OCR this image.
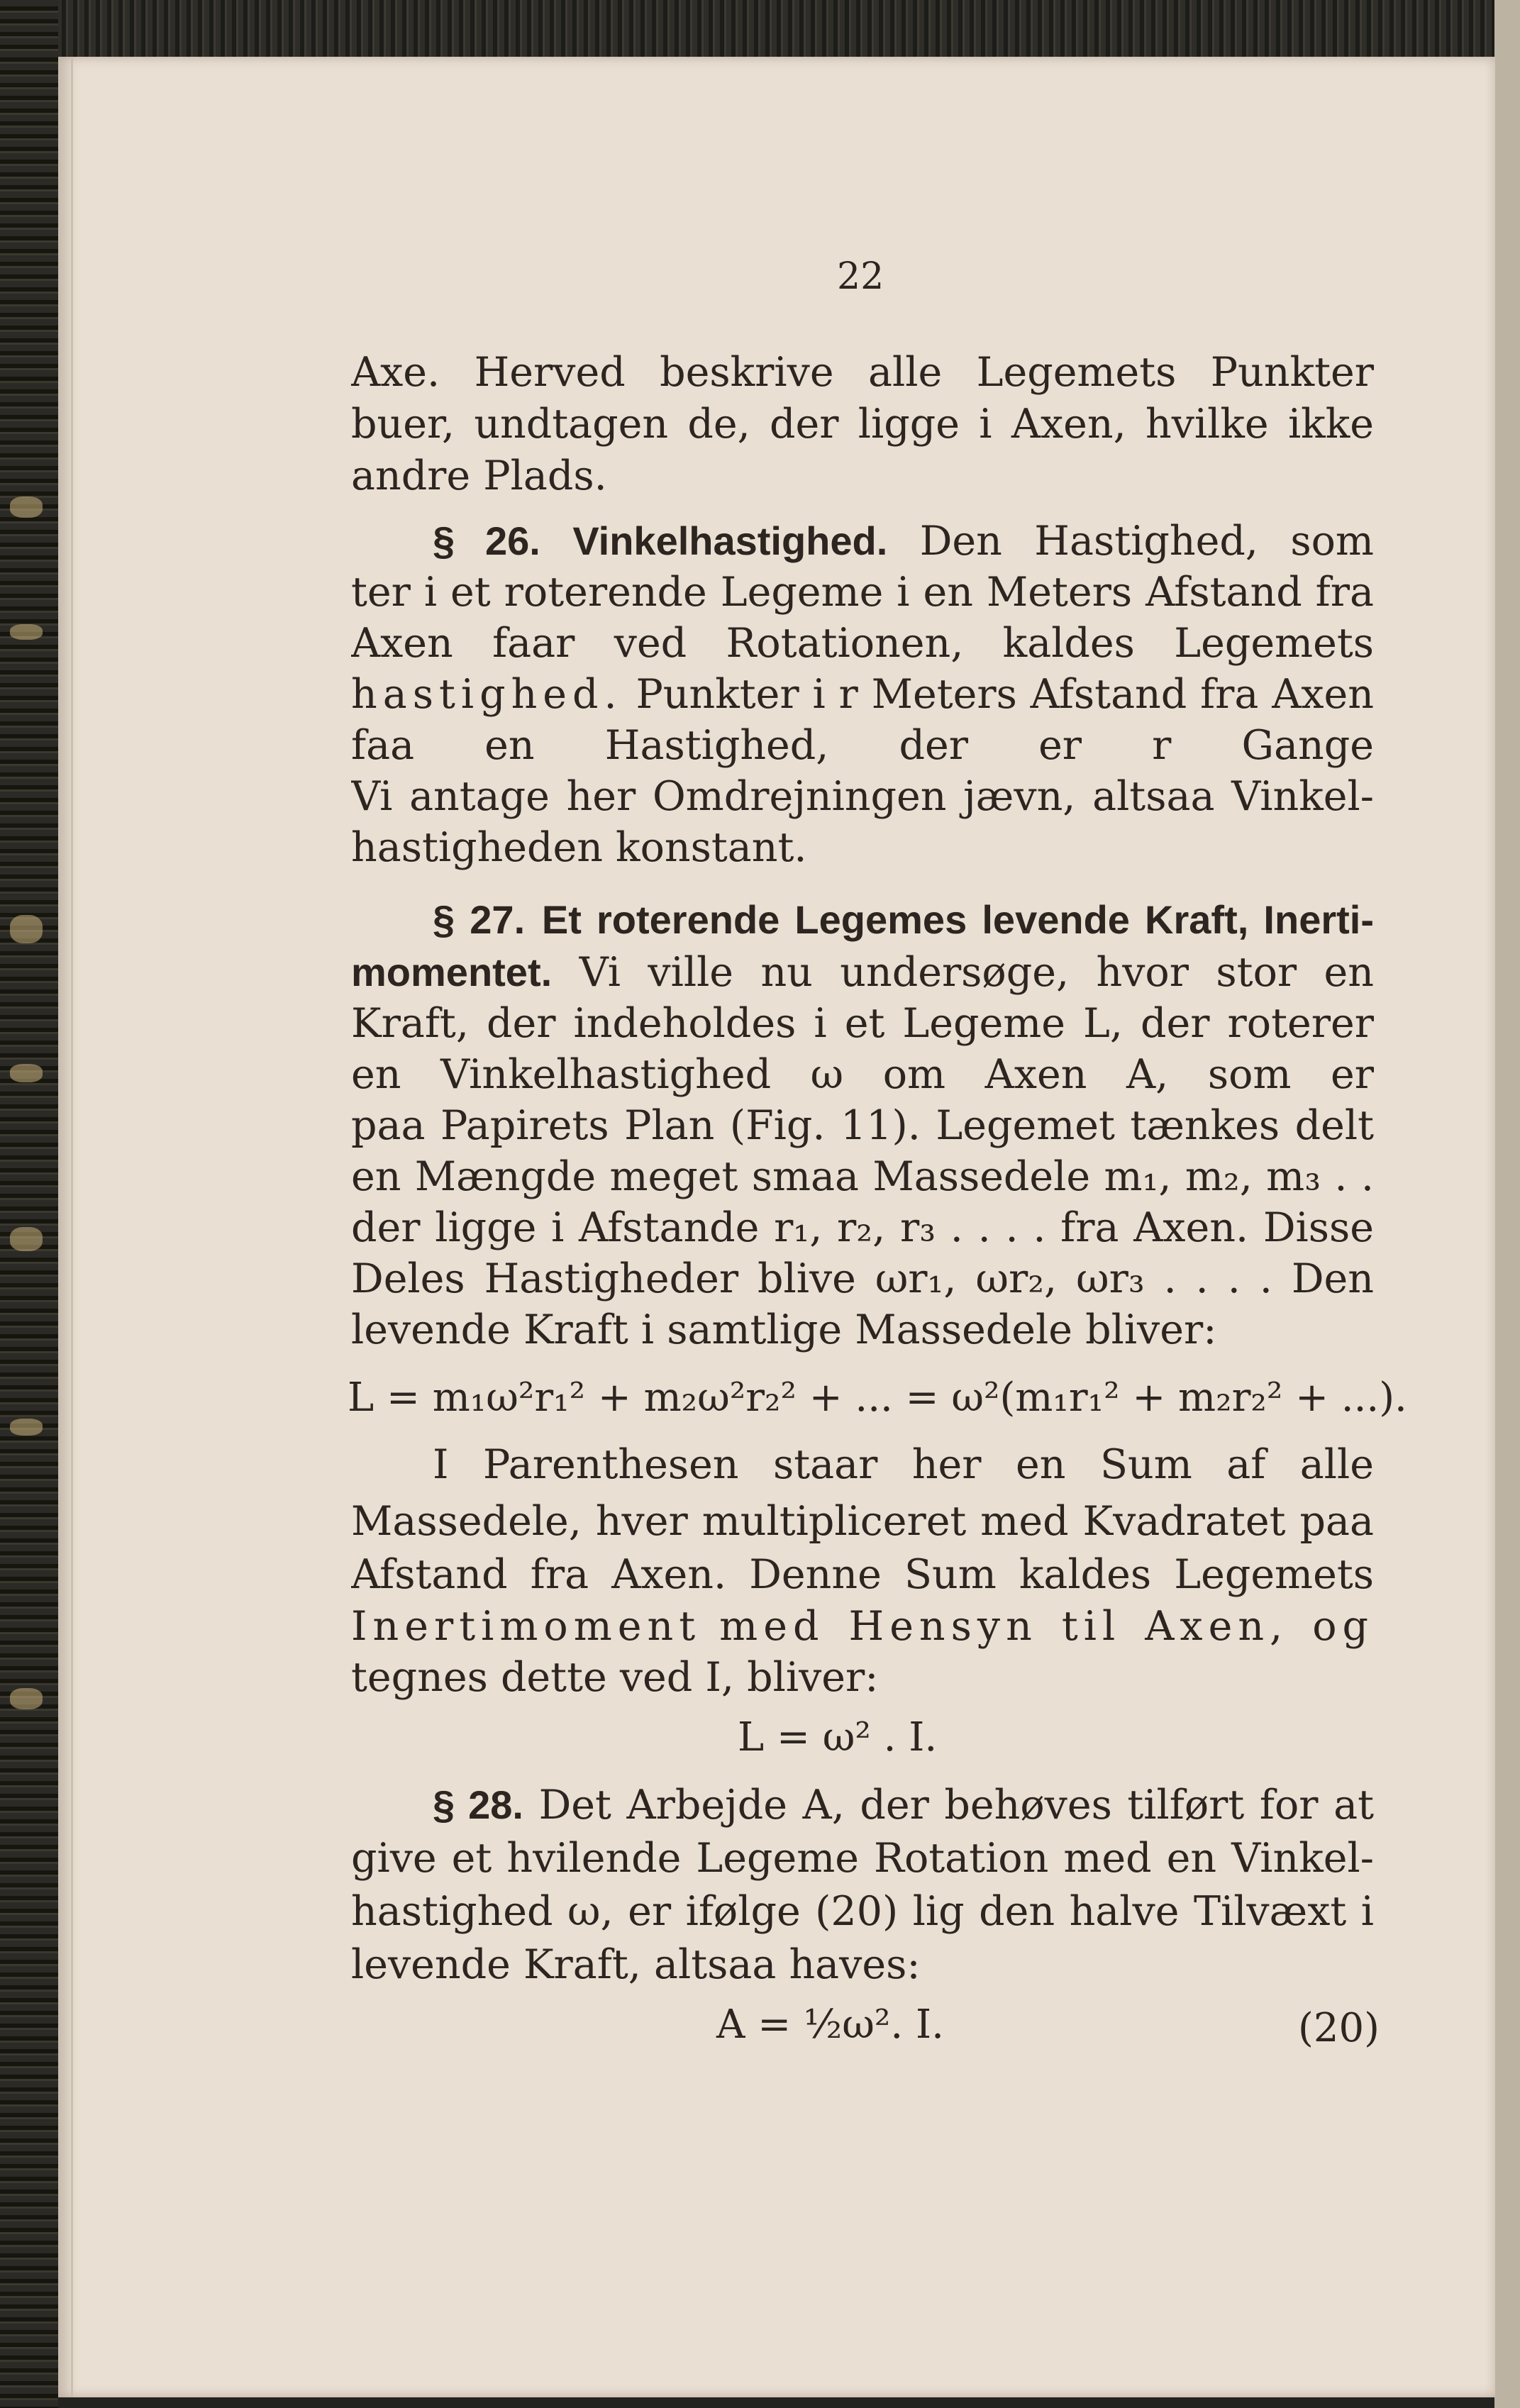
22
Axe. Herved beskrive alle Legemets Punkter
buer, undtagen de, der ligge i Axen, hvilke ikke
andre Plads.
§ 26. Vinkelhastighed. Den Hastighed, som
ter i et roterende Legeme i en Meters Afstand fra
Axen faar ved Rotationen, kaldes Legemets
hastighed. Punkter i r Meters Afstand fra Axen
faa en Hastighed, der er r Gange
Vi antage her Omdrejningen jævn, altsaa Vinkel-
hastigheden konstant.
§ 27. Et roterende Legemes levende Kraft, Inerti-
momentet. Vi ville nu undersøge, hvor stor en
Kraft, der indeholdes i et Legeme L, der roterer
en Vinkelhastighed ω om Axen A, som er
paa Papirets Plan (Fig. 11). Legemet tænkes delt
en Mængde meget smaa Massedele m₁, m₂, m₃ . .
der ligge i Afstande r₁, r₂, r₃ . . . . fra Axen. Disse
Deles Hastigheder blive ωr₁, ωr₂, ωr₃ . . . . Den
levende Kraft i samtlige Massedele bliver:
L = m₁ω²r₁² + m₂ω²r₂² + ... = ω²(m₁r₁² + m₂r₂² + ...).
I Parenthesen staar her en Sum af alle
Massedele, hver multipliceret med Kvadratet paa
Afstand fra Axen. Denne Sum kaldes Legemets
Inertimoment med Hensyn til Axen, og
tegnes dette ved I, bliver:
L = ω² . I.
§ 28. Det Arbejde A, der behøves tilført for at
give et hvilende Legeme Rotation med en Vinkel-
hastighed ω, er ifølge (20) lig den halve Tilvæxt i
levende Kraft, altsaa haves:
A = ½ω². I.	(20)
